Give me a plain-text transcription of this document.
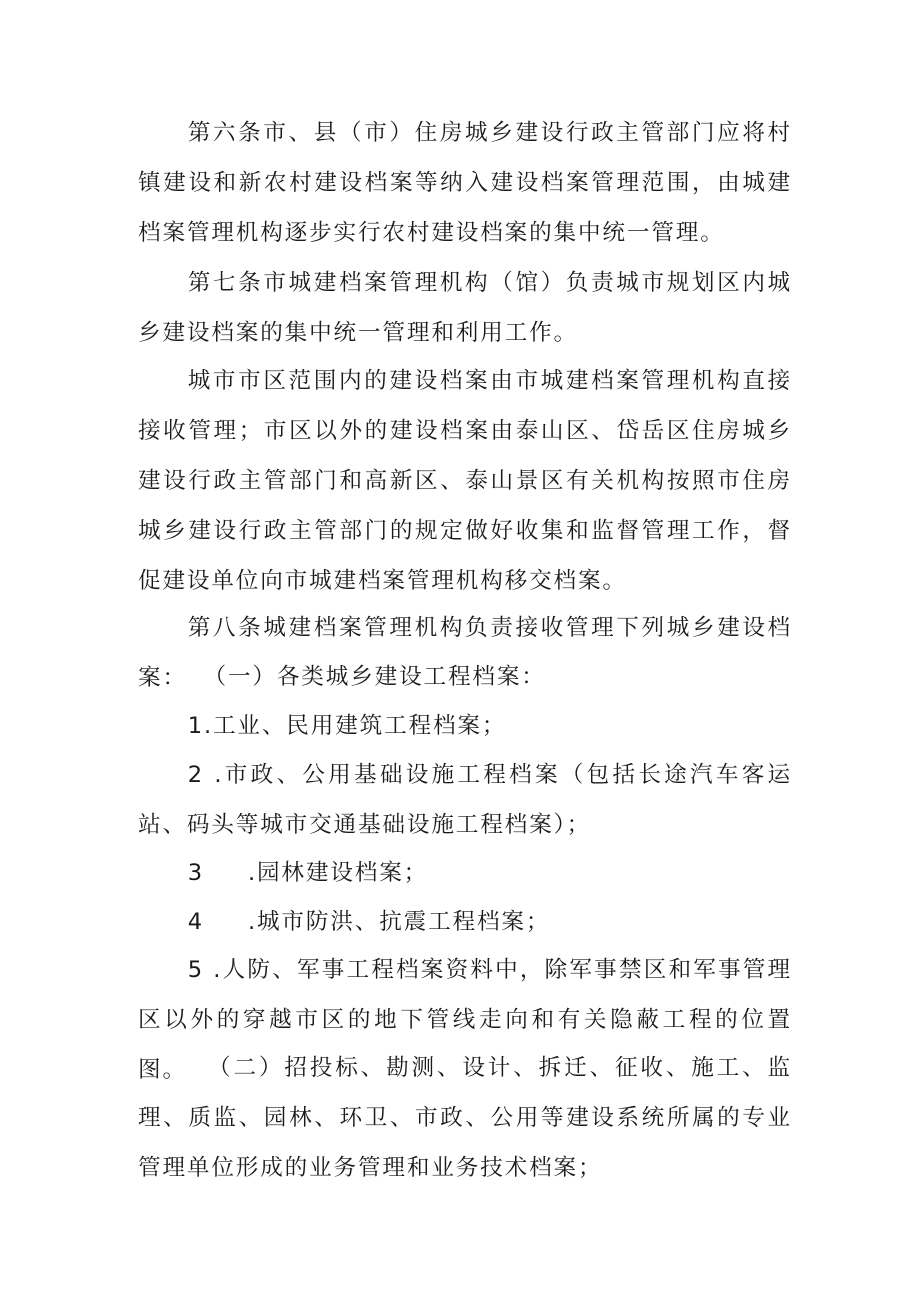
第六条市、县（市）住房城乡建设行政主管部门应将村镇建设和新农村建设档案等纳入建设档案管理范围，由城建档案管理机构逐步实行农村建设档案的集中统一管理。

第七条市城建档案管理机构（馆）负责城市规划区内城乡建设档案的集中统一管理和利用工作。

城市市区范围内的建设档案由市城建档案管理机构直接接收管理；市区以外的建设档案由泰山区、岱岳区住房城乡建设行政主管部门和高新区、泰山景区有关机构按照市住房城乡建设行政主管部门的规定做好收集和监督管理工作，督促建设单位向市城建档案管理机构移交档案。

第八条城建档案管理机构负责接收管理下列城乡建设档案： （一）各类城乡建设工程档案：

1.工业、民用建筑工程档案；

2 .市政、公用基础设施工程档案（包括长途汽车客运站、码头等城市交通基础设施工程档案）；

3 .园林建设档案；

4 .城市防洪、抗震工程档案；

5 .人防、军事工程档案资料中，除军事禁区和军事管理区以外的穿越市区的地下管线走向和有关隐蔽工程的位置图。 （二）招投标、勘测、设计、拆迁、征收、施工、监理、质监、园林、环卫、市政、公用等建设系统所属的专业管理单位形成的业务管理和业务技术档案；
